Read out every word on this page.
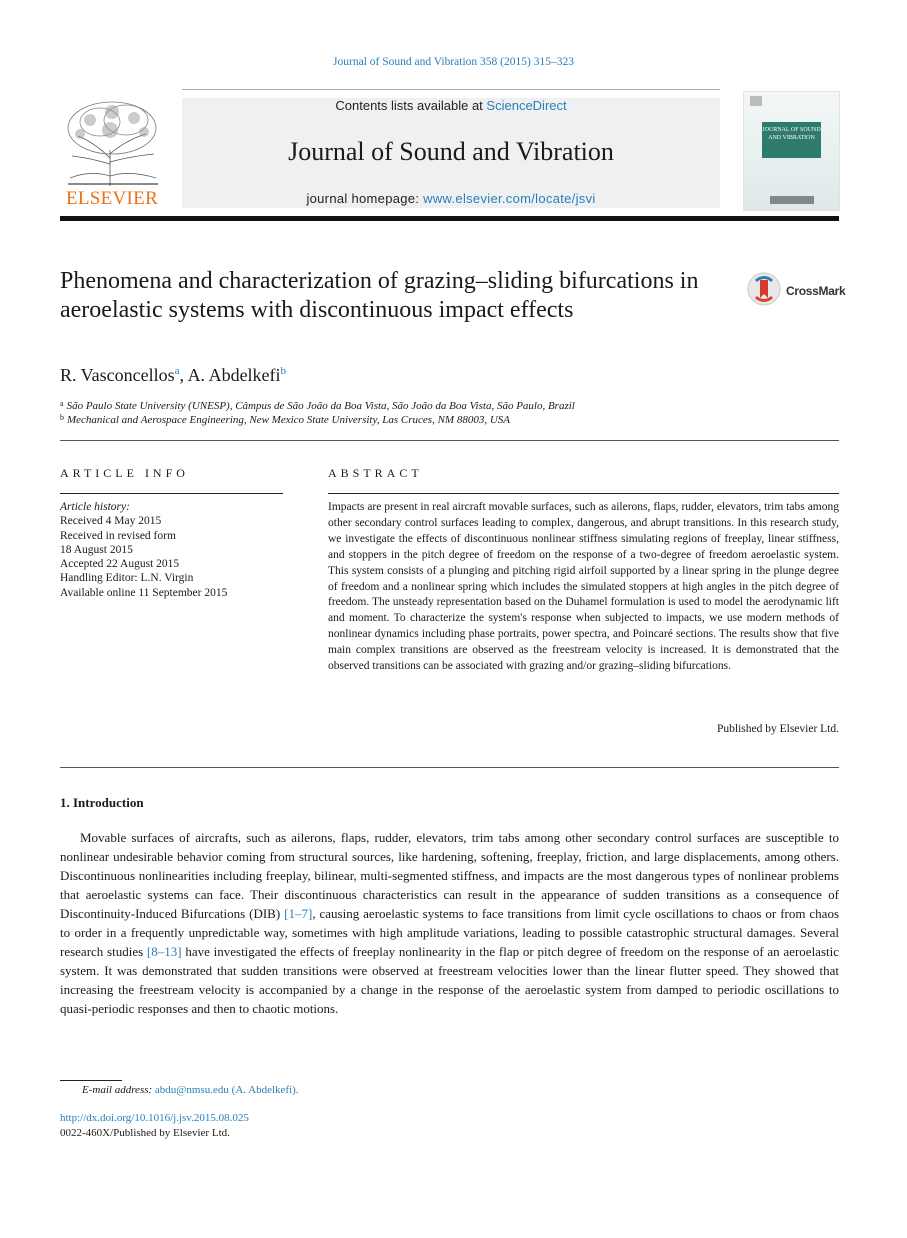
Journal of Sound and Vibration 358 (2015) 315–323
ELSEVIER
Contents lists available at ScienceDirect
Journal of Sound and Vibration
journal homepage: www.elsevier.com/locate/jsvi
JOURNAL OF SOUND AND VIBRATION
Phenomena and characterization of grazing–sliding bifurcations in aeroelastic systems with discontinuous impact effects
CrossMark
R. Vasconcellos$^a$, A. Abdelkefi$^b$
$^a$ São Paulo State University (UNESP), Câmpus de São João da Boa Vista, São João da Boa Vista, São Paulo, Brazil
$^b$ Mechanical and Aerospace Engineering, New Mexico State University, Las Cruces, NM 88003, USA
ARTICLE INFO
Article history:
Received 4 May 2015
Received in revised form
18 August 2015
Accepted 22 August 2015
Handling Editor: L.N. Virgin
Available online 11 September 2015
ABSTRACT
Impacts are present in real aircraft movable surfaces, such as ailerons, flaps, rudder, elevators, trim tabs among other secondary control surfaces leading to complex, dangerous, and abrupt transitions. In this research study, we investigate the effects of discontinuous nonlinear stiffness simulating regions of freeplay, linear stiffness, and stoppers in the pitch degree of freedom on the response of a two-degree of freedom aeroelastic system. This system consists of a plunging and pitching rigid airfoil supported by a linear spring in the plunge degree of freedom and a nonlinear spring which includes the simulated stoppers at high angles in the pitch degree of freedom. The unsteady representation based on the Duhamel formulation is used to model the aerodynamic lift and moment. To characterize the system's response when subjected to impacts, we use modern methods of nonlinear dynamics including phase portraits, power spectra, and Poincaré sections. The results show that five main complex transitions are observed as the freestream velocity is increased. It is demonstrated that the observed transitions can be associated with grazing and/or grazing–sliding bifurcations.
Published by Elsevier Ltd.
1. Introduction
Movable surfaces of aircrafts, such as ailerons, flaps, rudder, elevators, trim tabs among other secondary control surfaces are susceptible to nonlinear undesirable behavior coming from structural sources, like hardening, softening, freeplay, friction, and large displacements, among others. Discontinuous nonlinearities including freeplay, bilinear, multi-segmented stiffness, and impacts are the most dangerous types of nonlinear problems that aeroelastic systems can face. Their discontinuous characteristics can result in the appearance of sudden transitions as a consequence of Discontinuity-Induced Bifurcations (DIB) [1–7], causing aeroelastic systems to face transitions from limit cycle oscillations to chaos or from chaos to order in a frequently unpredictable way, sometimes with high amplitude variations, leading to possible catastrophic structural damages. Several research studies [8–13] have investigated the effects of freeplay nonlinearity in the flap or pitch degree of freedom on the response of an aeroelastic system. It was demonstrated that sudden transitions were observed at freestream velocities lower than the linear flutter speed. They showed that increasing the freestream velocity is accompanied by a change in the response of the aeroelastic system from damped to periodic oscillations to quasi-periodic responses and then to chaotic motions.
E-mail address: abdu@nmsu.edu (A. Abdelkefi).
http://dx.doi.org/10.1016/j.jsv.2015.08.025
0022-460X/Published by Elsevier Ltd.
